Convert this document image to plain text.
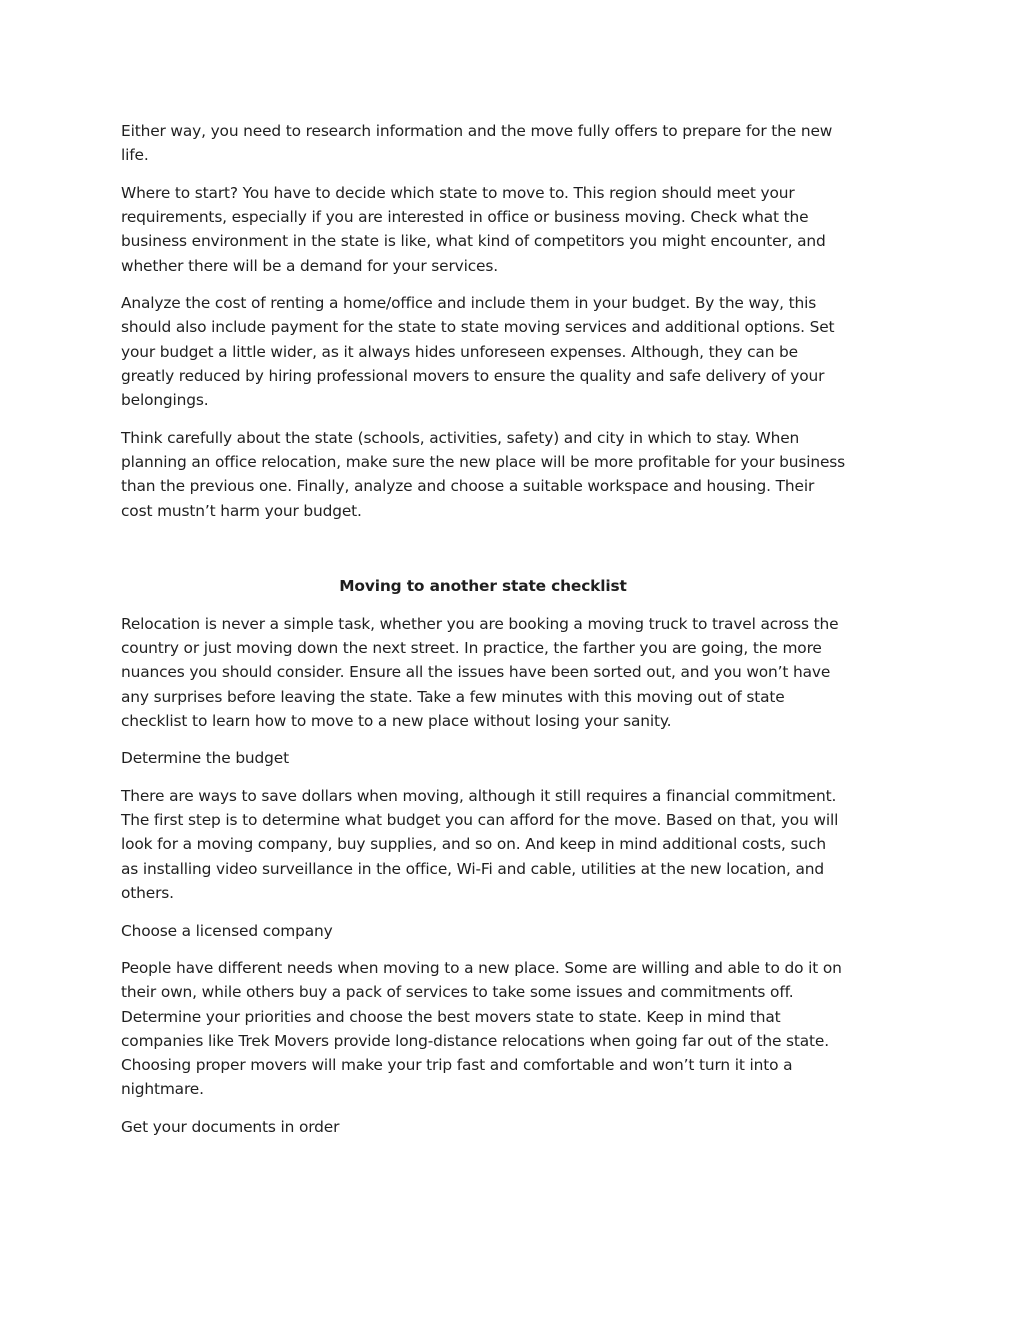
Either way, you need to research information and the move fully offers to prepare for the new life.

Where to start? You have to decide which state to move to. This region should meet your requirements, especially if you are interested in office or business moving. Check what the business environment in the state is like, what kind of competitors you might encounter, and whether there will be a demand for your services.

Analyze the cost of renting a home/office and include them in your budget. By the way, this should also include payment for the state to state moving services and additional options. Set your budget a little wider, as it always hides unforeseen expenses. Although, they can be greatly reduced by hiring professional movers to ensure the quality and safe delivery of your belongings.

Think carefully about the state (schools, activities, safety) and city in which to stay. When planning an office relocation, make sure the new place will be more profitable for your business than the previous one. Finally, analyze and choose a suitable workspace and housing. Their cost mustn’t harm your budget.

Moving to another state checklist

Relocation is never a simple task, whether you are booking a moving truck to travel across the country or just moving down the next street. In practice, the farther you are going, the more nuances you should consider. Ensure all the issues have been sorted out, and you won’t have any surprises before leaving the state. Take a few minutes with this moving out of state checklist to learn how to move to a new place without losing your sanity.

Determine the budget

There are ways to save dollars when moving, although it still requires a financial commitment. The first step is to determine what budget you can afford for the move. Based on that, you will look for a moving company, buy supplies, and so on. And keep in mind additional costs, such as installing video surveillance in the office, Wi-Fi and cable, utilities at the new location, and others.

Choose a licensed company

People have different needs when moving to a new place. Some are willing and able to do it on their own, while others buy a pack of services to take some issues and commitments off. Determine your priorities and choose the best movers state to state. Keep in mind that companies like Trek Movers provide long-distance relocations when going far out of the state. Choosing proper movers will make your trip fast and comfortable and won’t turn it into a nightmare.

Get your documents in order
